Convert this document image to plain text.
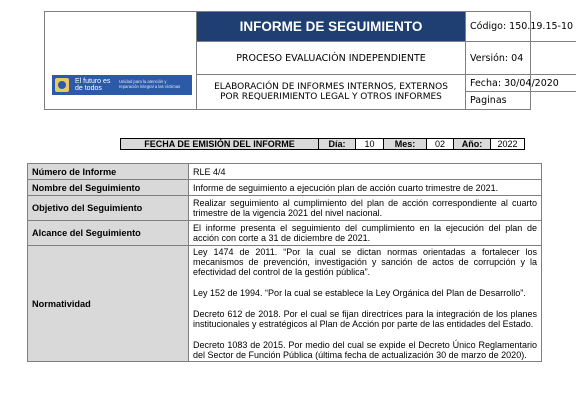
El futuro es de todos
Unidad para la atención y reparación integral a las víctimas
INFORME DE SEGUIMIENTO
PROCESO EVALUACIÒN INDEPENDIENTE
ELABORACIÓN DE INFORMES INTERNOS, EXTERNOS POR REQUERIMIENTO LEGAL Y OTROS INFORMES
Código: 150.19.15-10
Versión: 04
Fecha: 30/04/2020
Paginas
FECHA DE EMISIÓN DEL INFORME	Día:	10	Mes:	02	Año:	2022
Número de Informe	RLE 4/4
Nombre del Seguimiento	Informe de seguimiento a ejecución plan de acción cuarto trimestre de 2021.
Objetivo del Seguimiento	Realizar seguimiento al cumplimiento del plan de acción correspondiente al cuarto trimestre de la vigencia 2021 del nivel nacional.
Alcance del Seguimiento	El informe presenta el seguimiento del cumplimiento en la ejecución del plan de acción con corte a 31 de diciembre de 2021.
Normatividad	Ley 1474 de 2011. “Por la cual se dictan normas orientadas a fortalecer los mecanismos de prevención, investigación y sanción de actos de corrupción y la efectividad del control de la gestión pública”.

Ley 152 de 1994. “Por la cual se establece la Ley Orgánica del Plan de Desarrollo”.

Decreto 612 de 2018. Por el cual se fijan directrices para la integración de los planes institucionales y estratégicos al Plan de Acción por parte de las entidades del Estado.

Decreto 1083 de 2015. Por medio del cual se expide el Decreto Único Reglamentario del Sector de Función Pública (última fecha de actualización 30 de marzo de 2020).
